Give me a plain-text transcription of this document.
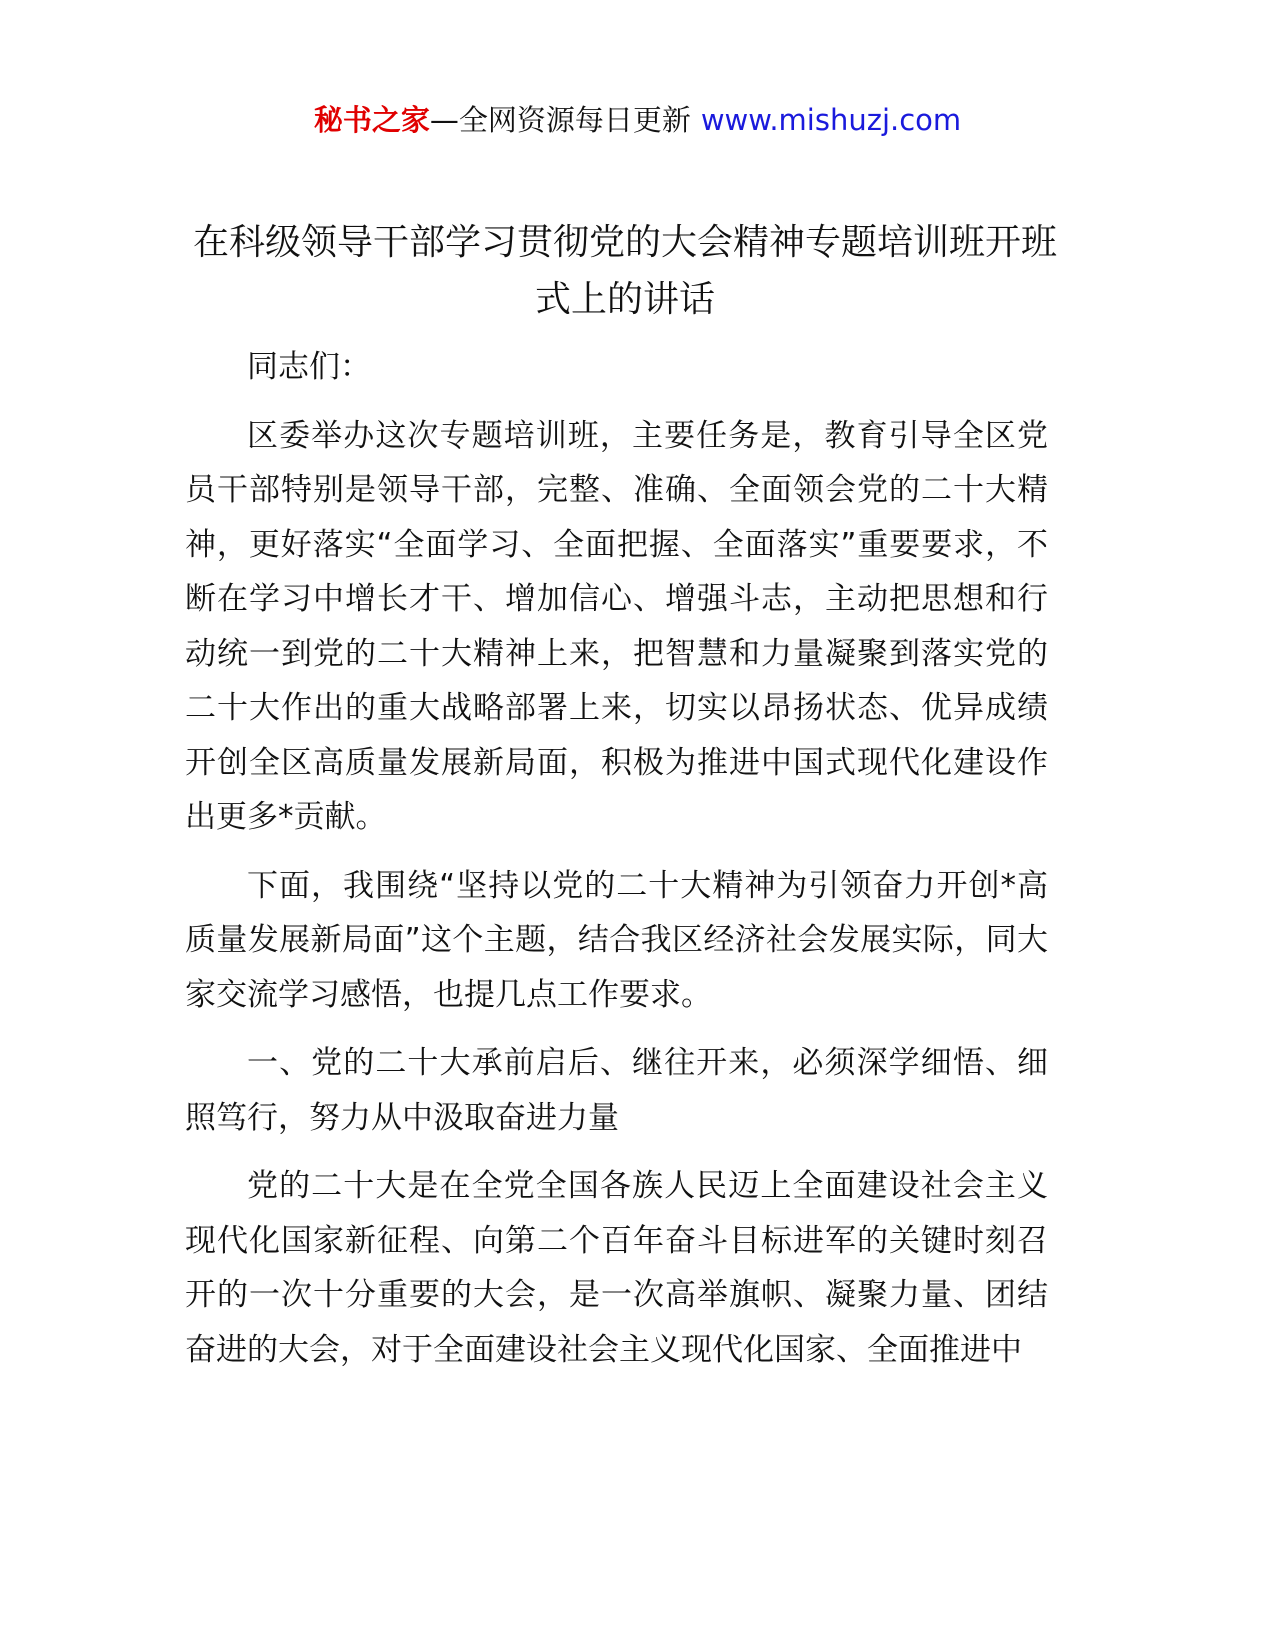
秘书之家—全网资源每日更新 www.mishuzj.com
在科级领导干部学习贯彻党的大会精神专题培训班开班式上的讲话

同志们：

区委举办这次专题培训班，主要任务是，教育引导全区党员干部特别是领导干部，完整、准确、全面领会党的二十大精神，更好落实“全面学习、全面把握、全面落实”重要要求，不断在学习中增长才干、增加信心、增强斗志，主动把思想和行动统一到党的二十大精神上来，把智慧和力量凝聚到落实党的二十大作出的重大战略部署上来，切实以昂扬状态、优异成绩开创全区高质量发展新局面，积极为推进中国式现代化建设作出更多*贡献。

下面，我围绕“坚持以党的二十大精神为引领奋力开创*高质量发展新局面”这个主题，结合我区经济社会发展实际，同大家交流学习感悟，也提几点工作要求。

一、党的二十大承前启后、继往开来，必须深学细悟、细照笃行，努力从中汲取奋进力量

党的二十大是在全党全国各族人民迈上全面建设社会主义现代化国家新征程、向第二个百年奋斗目标进军的关键时刻召开的一次十分重要的大会，是一次高举旗帜、凝聚力量、团结奋进的大会，对于全面建设社会主义现代化国家、全面推进中
